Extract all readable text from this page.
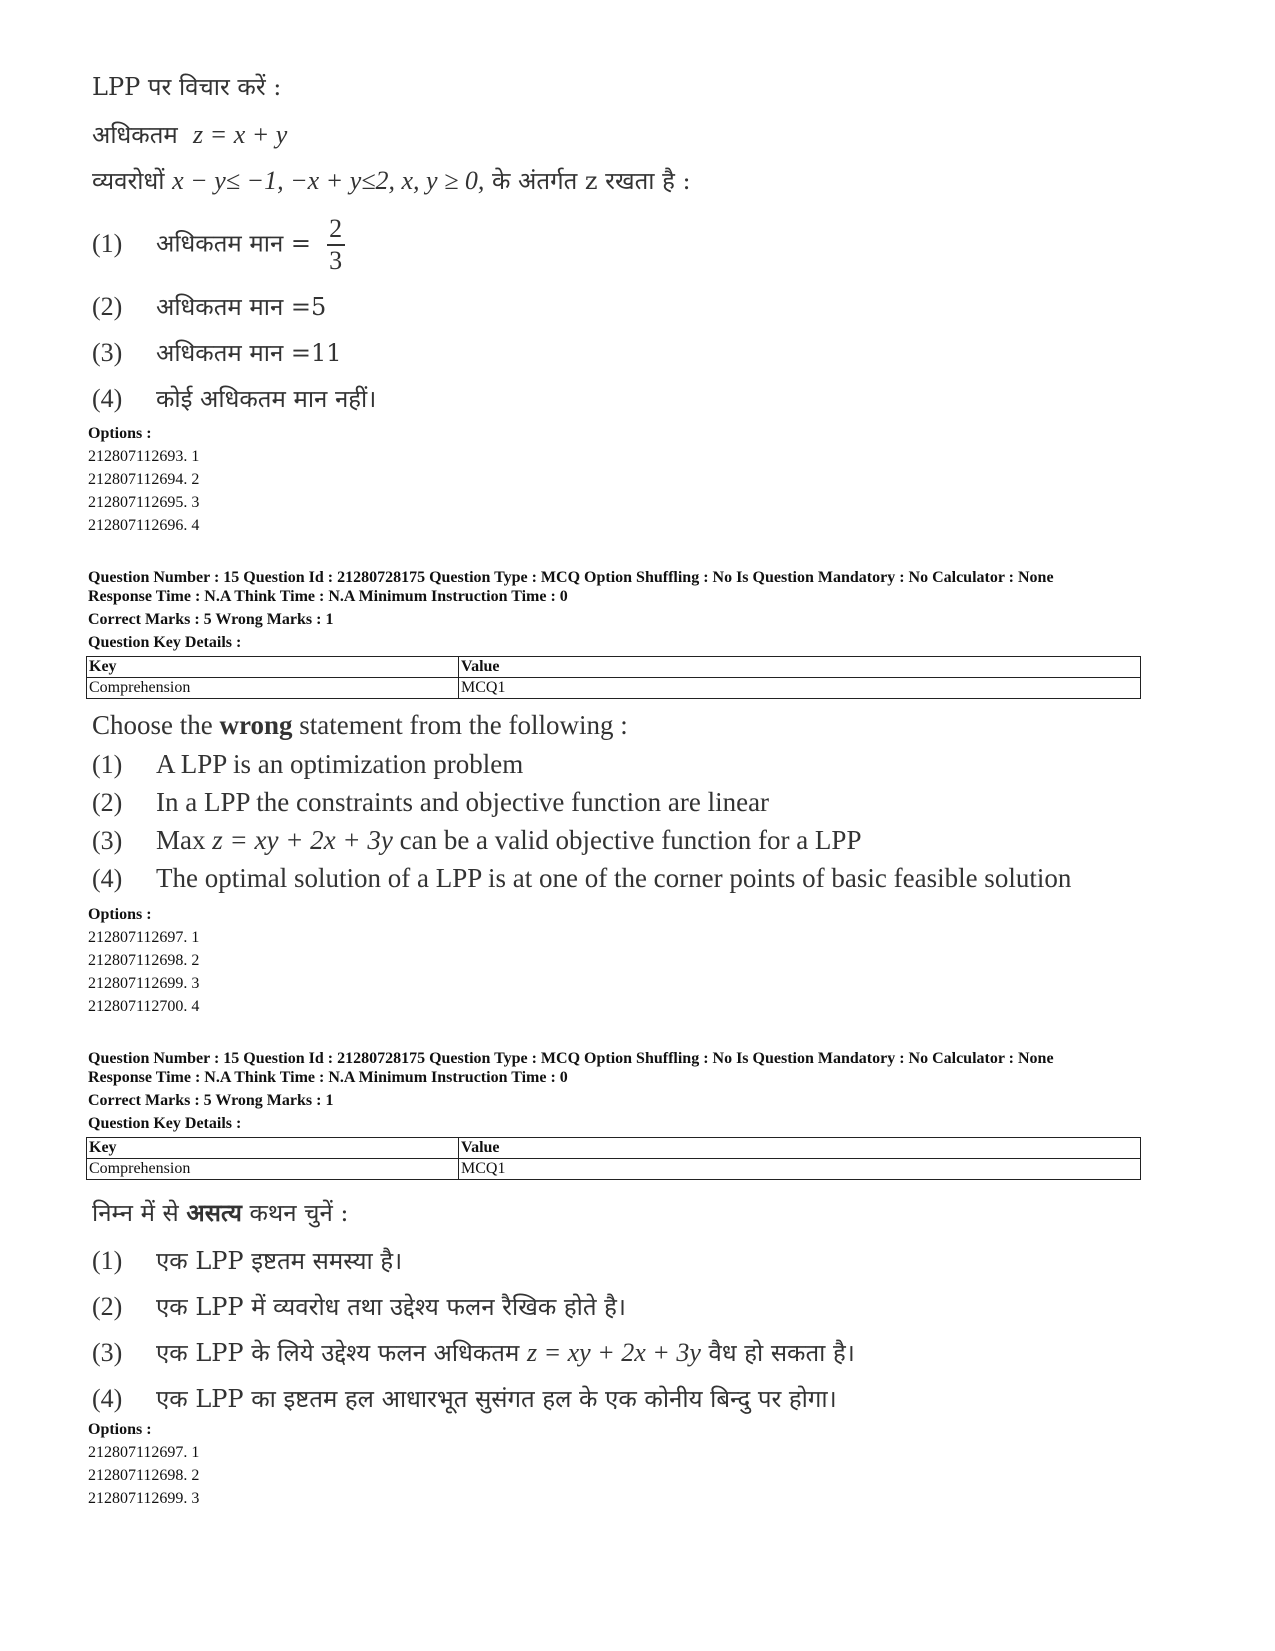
LPP पर विचार करें :
अधिकतम z = x + y
व्यवरोधों x − y≤ −1, −x + y≤2, x, y ≥ 0, के अंतर्गत z रखता है :
(1) अधिकतम मान = $\frac{2}{3}$
(2) अधिकतम मान =5
(3) अधिकतम मान =11
(4) कोई अधिकतम मान नहीं।
Options :
212807112693. 1
212807112694. 2
212807112695. 3
212807112696. 4
Question Number : 15 Question Id : 21280728175 Question Type : MCQ Option Shuffling : No Is Question Mandatory : No Calculator : None
Response Time : N.A Think Time : N.A Minimum Instruction Time : 0
Correct Marks : 5 Wrong Marks : 1
Question Key Details :
Key	Value
Comprehension	MCQ1
Choose the wrong statement from the following :
(1) A LPP is an optimization problem
(2) In a LPP the constraints and objective function are linear
(3) Max z = xy + 2x + 3y can be a valid objective function for a LPP
(4) The optimal solution of a LPP is at one of the corner points of basic feasible solution
Options :
212807112697. 1
212807112698. 2
212807112699. 3
212807112700. 4
Question Number : 15 Question Id : 21280728175 Question Type : MCQ Option Shuffling : No Is Question Mandatory : No Calculator : None
Response Time : N.A Think Time : N.A Minimum Instruction Time : 0
Correct Marks : 5 Wrong Marks : 1
Question Key Details :
Key	Value
Comprehension	MCQ1
निम्न में से असत्य कथन चुनें :
(1) एक LPP इष्टतम समस्या है।
(2) एक LPP में व्यवरोध तथा उद्देश्य फलन रैखिक होते है।
(3) एक LPP के लिये उद्देश्य फलन अधिकतम z = xy + 2x + 3y वैध हो सकता है।
(4) एक LPP का इष्टतम हल आधारभूत सुसंगत हल के एक कोनीय बिन्दु पर होगा।
Options :
212807112697. 1
212807112698. 2
212807112699. 3
